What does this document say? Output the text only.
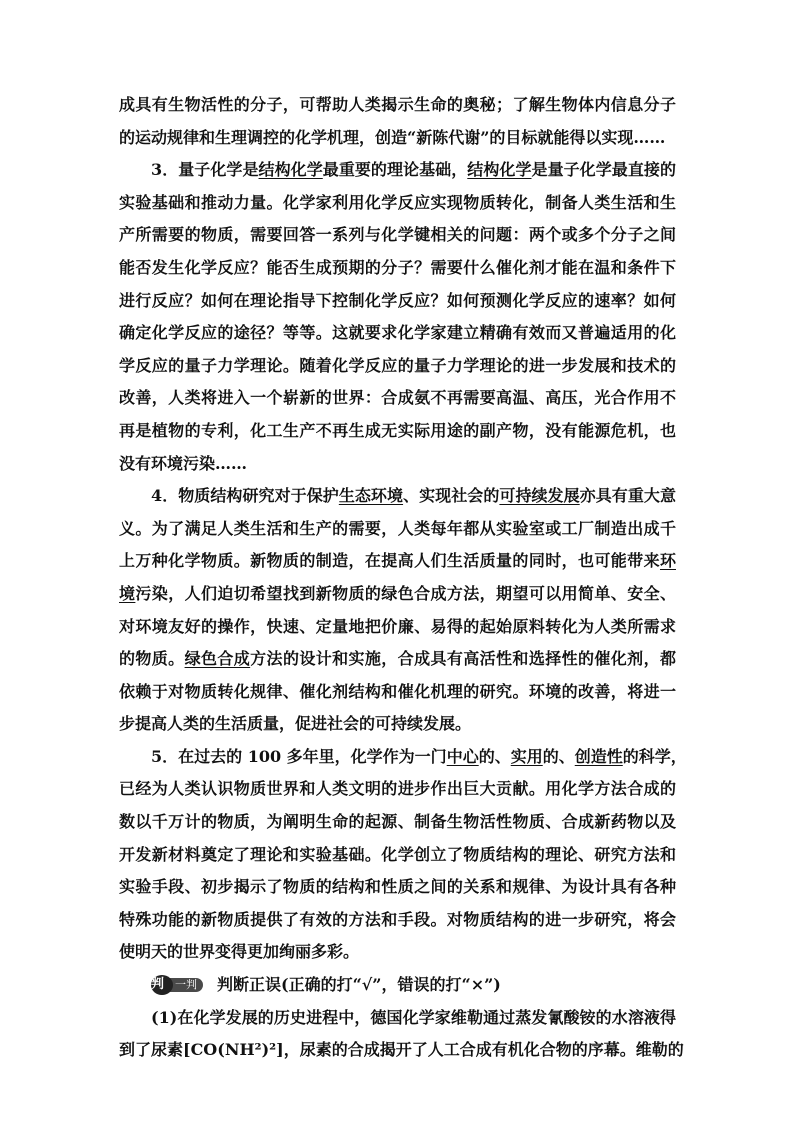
成具有生物活性的分子，可帮助人类揭示生命的奥秘；了解生物体内信息分子
的运动规律和生理调控的化学机理，创造“新陈代谢”的目标就能得以实现……
3．量子化学是结构化学最重要的理论基础，结构化学是量子化学最直接的
实验基础和推动力量。化学家利用化学反应实现物质转化，制备人类生活和生
产所需要的物质，需要回答一系列与化学键相关的问题：两个或多个分子之间
能否发生化学反应？能否生成预期的分子？需要什么催化剂才能在温和条件下
进行反应？如何在理论指导下控制化学反应？如何预测化学反应的速率？如何
确定化学反应的途径？等等。这就要求化学家建立精确有效而又普遍适用的化
学反应的量子力学理论。随着化学反应的量子力学理论的进一步发展和技术的
改善，人类将进入一个崭新的世界：合成氨不再需要高温、高压，光合作用不
再是植物的专利，化工生产不再生成无实际用途的副产物，没有能源危机，也
没有环境污染……
4．物质结构研究对于保护生态环境、实现社会的可持续发展亦具有重大意
义。为了满足人类生活和生产的需要，人类每年都从实验室或工厂制造出成千
上万种化学物质。新物质的制造，在提高人们生活质量的同时，也可能带来环
境污染，人们迫切希望找到新物质的绿色合成方法，期望可以用简单、安全、
对环境友好的操作，快速、定量地把价廉、易得的起始原料转化为人类所需求
的物质。绿色合成方法的设计和实施，合成具有高活性和选择性的催化剂，都
依赖于对物质转化规律、催化剂结构和催化机理的研究。环境的改善，将进一
步提高人类的生活质量，促进社会的可持续发展。
5．在过去的 100 多年里，化学作为一门中心的、实用的、创造性的科学，
已经为人类认识物质世界和人类文明的进步作出巨大贡献。用化学方法合成的
数以千万计的物质，为阐明生命的起源、制备生物活性物质、合成新药物以及
开发新材料奠定了理论和实验基础。化学创立了物质结构的理论、研究方法和
实验手段、初步揭示了物质的结构和性质之间的关系和规律、为设计具有各种
特殊功能的新物质提供了有效的方法和手段。对物质结构的进一步研究，将会
使明天的世界变得更加绚丽多彩。
判 一判	判断正误(正确的打“√”，错误的打“×”)
(1)在化学发展的历史进程中，德国化学家维勒通过蒸发氰酸铵的水溶液得
到了尿素[CO(NH²)²]，尿素的合成揭开了人工合成有机化合物的序幕。维勒的
